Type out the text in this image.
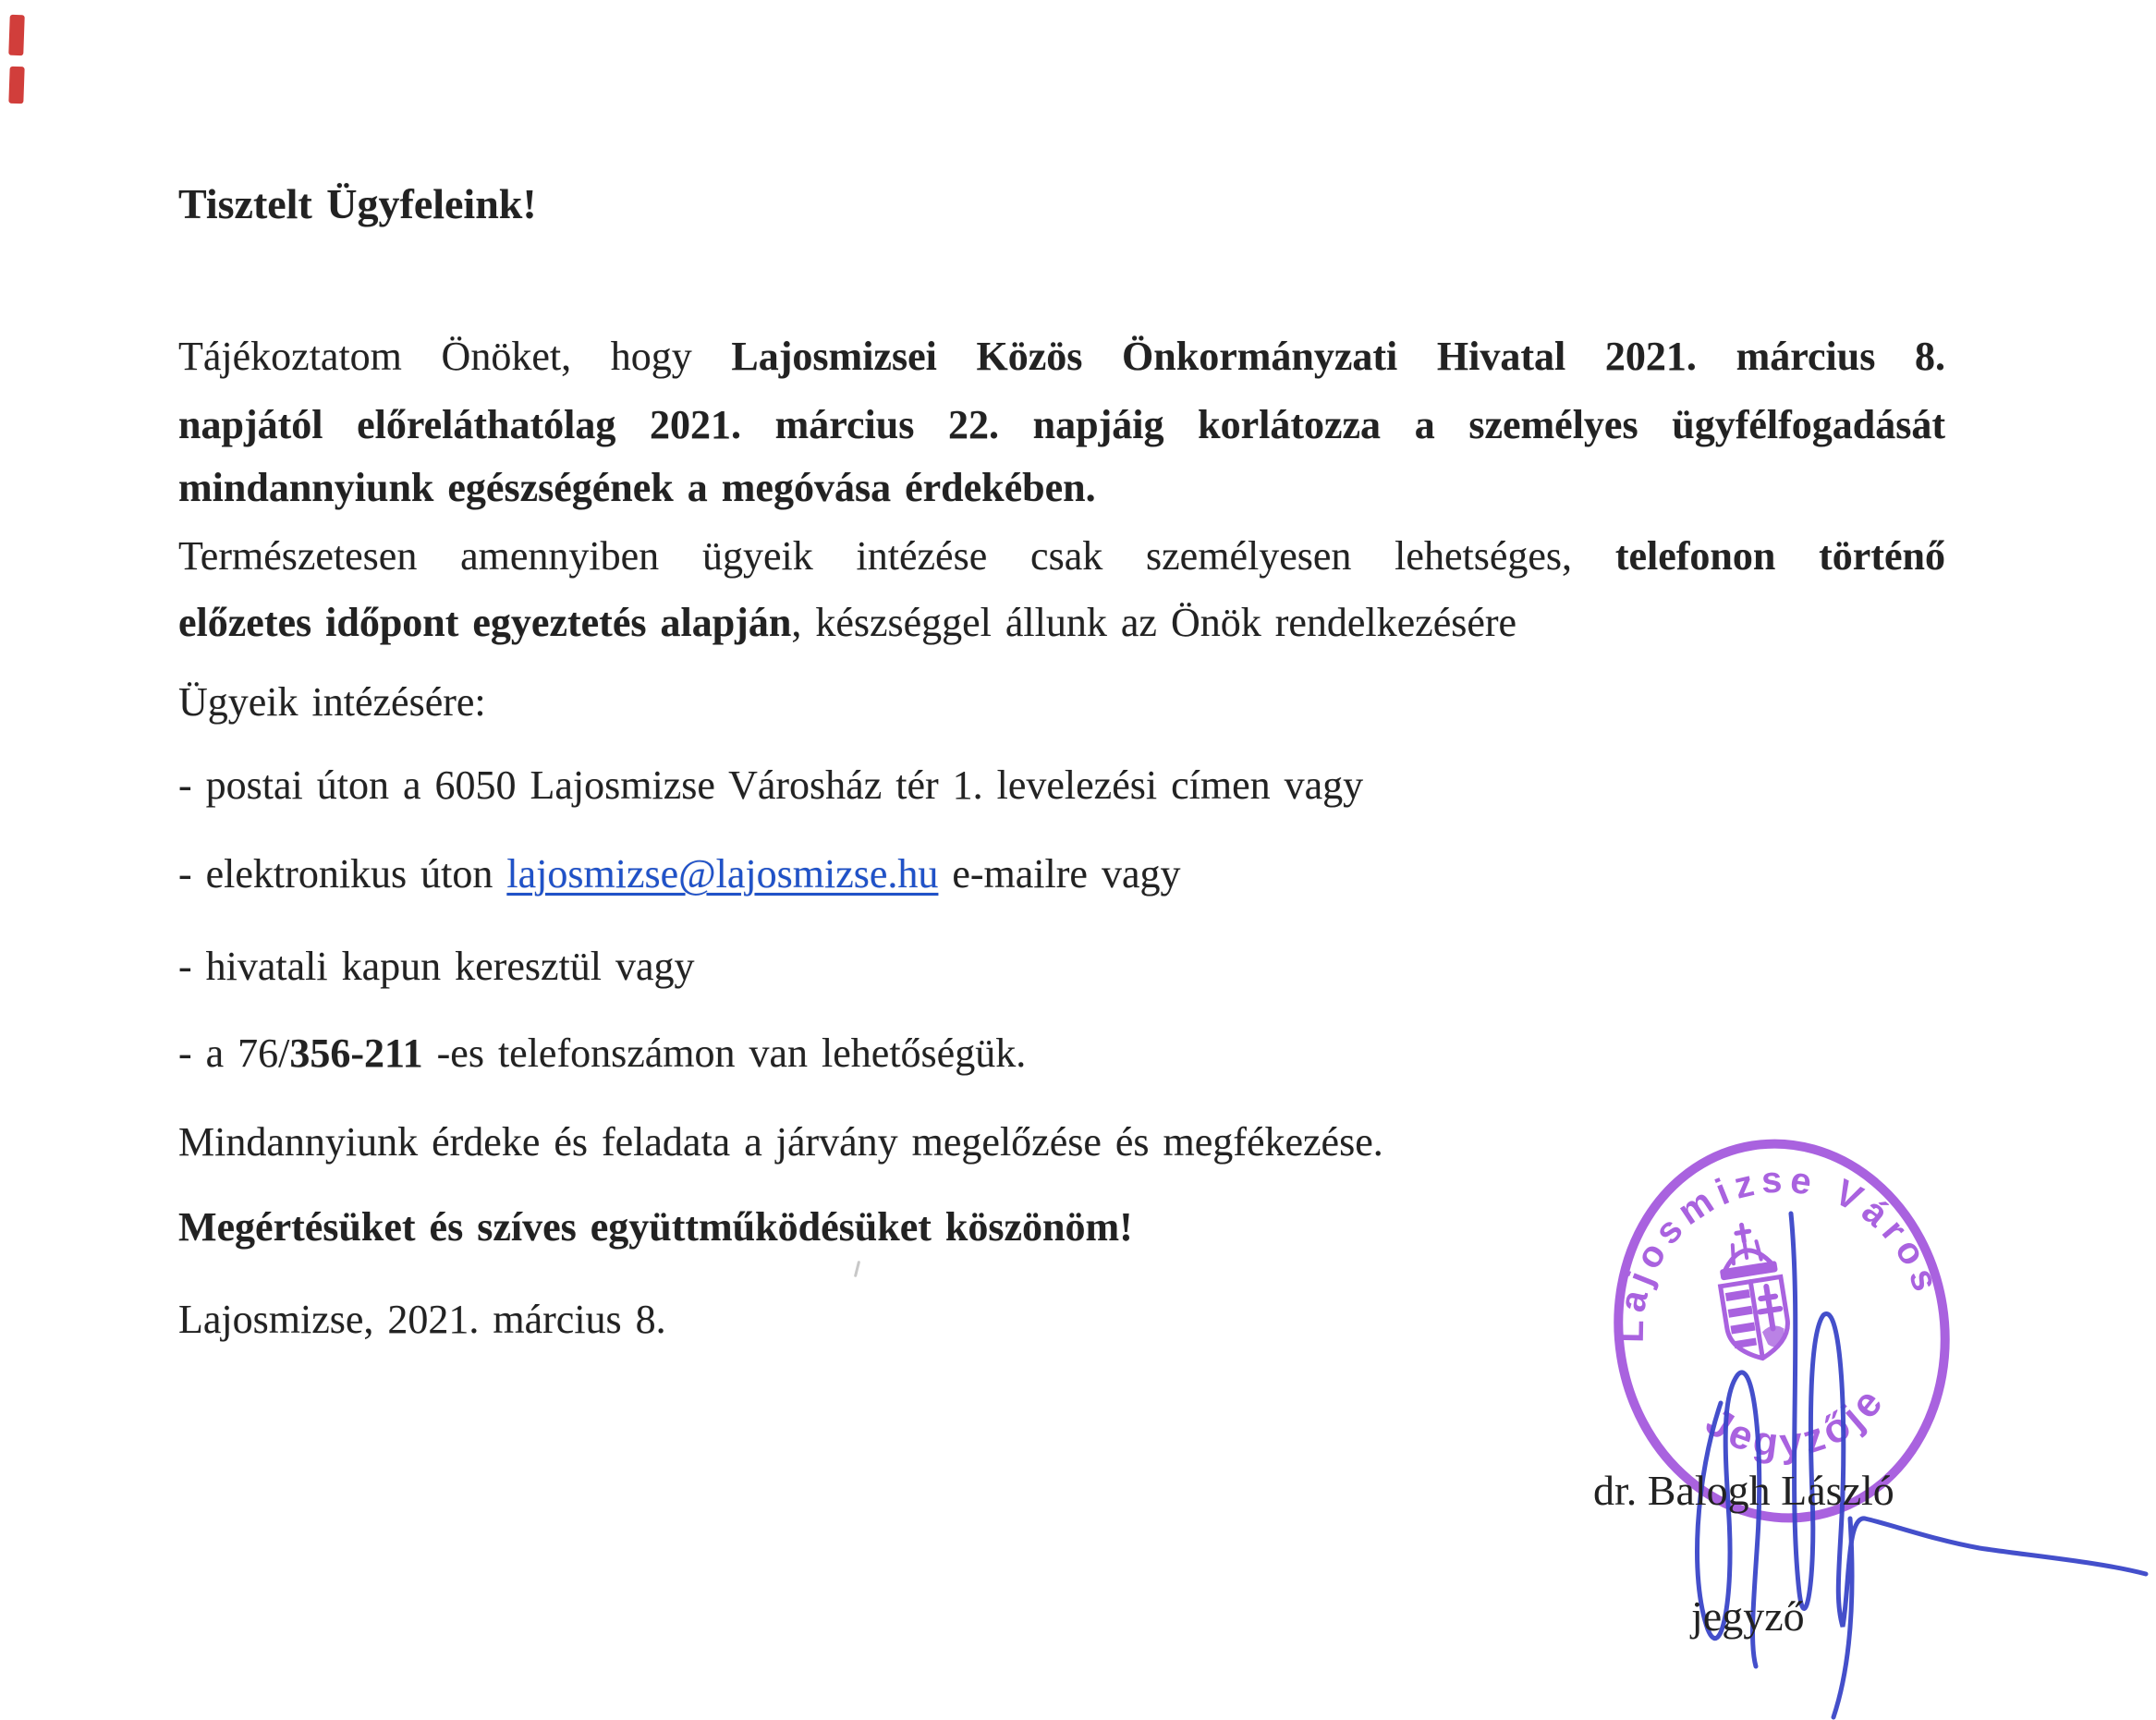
Tisztelt Ügyfeleink!
Tájékoztatom Önöket, hogy Lajosmizsei Közös Önkormányzati Hivatal 2021. március 8.
napjától előreláthatólag 2021. március 22. napjáig korlátozza a személyes ügyfélfogadását
mindannyiunk egészségének a megóvása érdekében.
Természetesen amennyiben ügyeik intézése csak személyesen lehetséges, telefonon történő
előzetes időpont egyeztetés alapján, készséggel állunk az Önök rendelkezésére
Ügyeik intézésére:
- postai úton a 6050 Lajosmizse Városház tér 1. levelezési címen vagy
- elektronikus úton lajosmizse@lajosmizse.hu e-mailre vagy
- hivatali kapun keresztül vagy
- a 76/356-211 -es telefonszámon van lehetőségük.
Mindannyiunk érdeke és feladata a járvány megelőzése és megfékezése.
Megértésüket és szíves együttműködésüket köszönöm!
Lajosmizse, 2021. március 8.	Lajosmizse Város
Jegyzője
dr. Balogh László
jegyző
